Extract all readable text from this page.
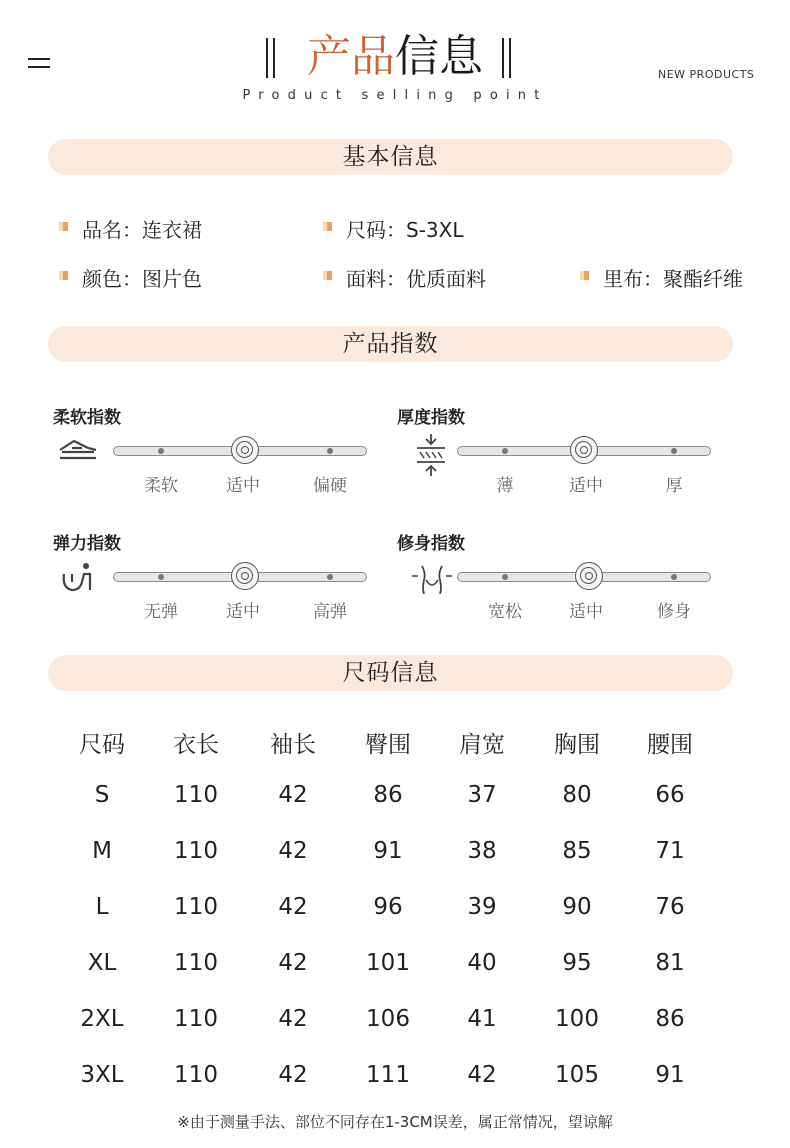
产品信息
Product selling point
NEW PRODUCTS
基本信息
品名：连衣裙	尺码：S-3XL
颜色：图片色	面料：优质面料	里布：聚酯纤维
产品指数
柔软指数
柔软	适中	偏硬
厚度指数
薄	适中	厚
弹力指数
无弹	适中	高弹
修身指数
宽松	适中	修身
尺码信息
尺码	衣长	袖长	臀围	肩宽	胸围	腰围
S	110	42	86	37	80	66
M	110	42	91	38	85	71
L	110	42	96	39	90	76
XL	110	42	101	40	95	81
2XL	110	42	106	41	100	86
3XL	110	42	111	42	105	91
※由于测量手法、部位不同存在1-3CM误差，属正常情况，望谅解
